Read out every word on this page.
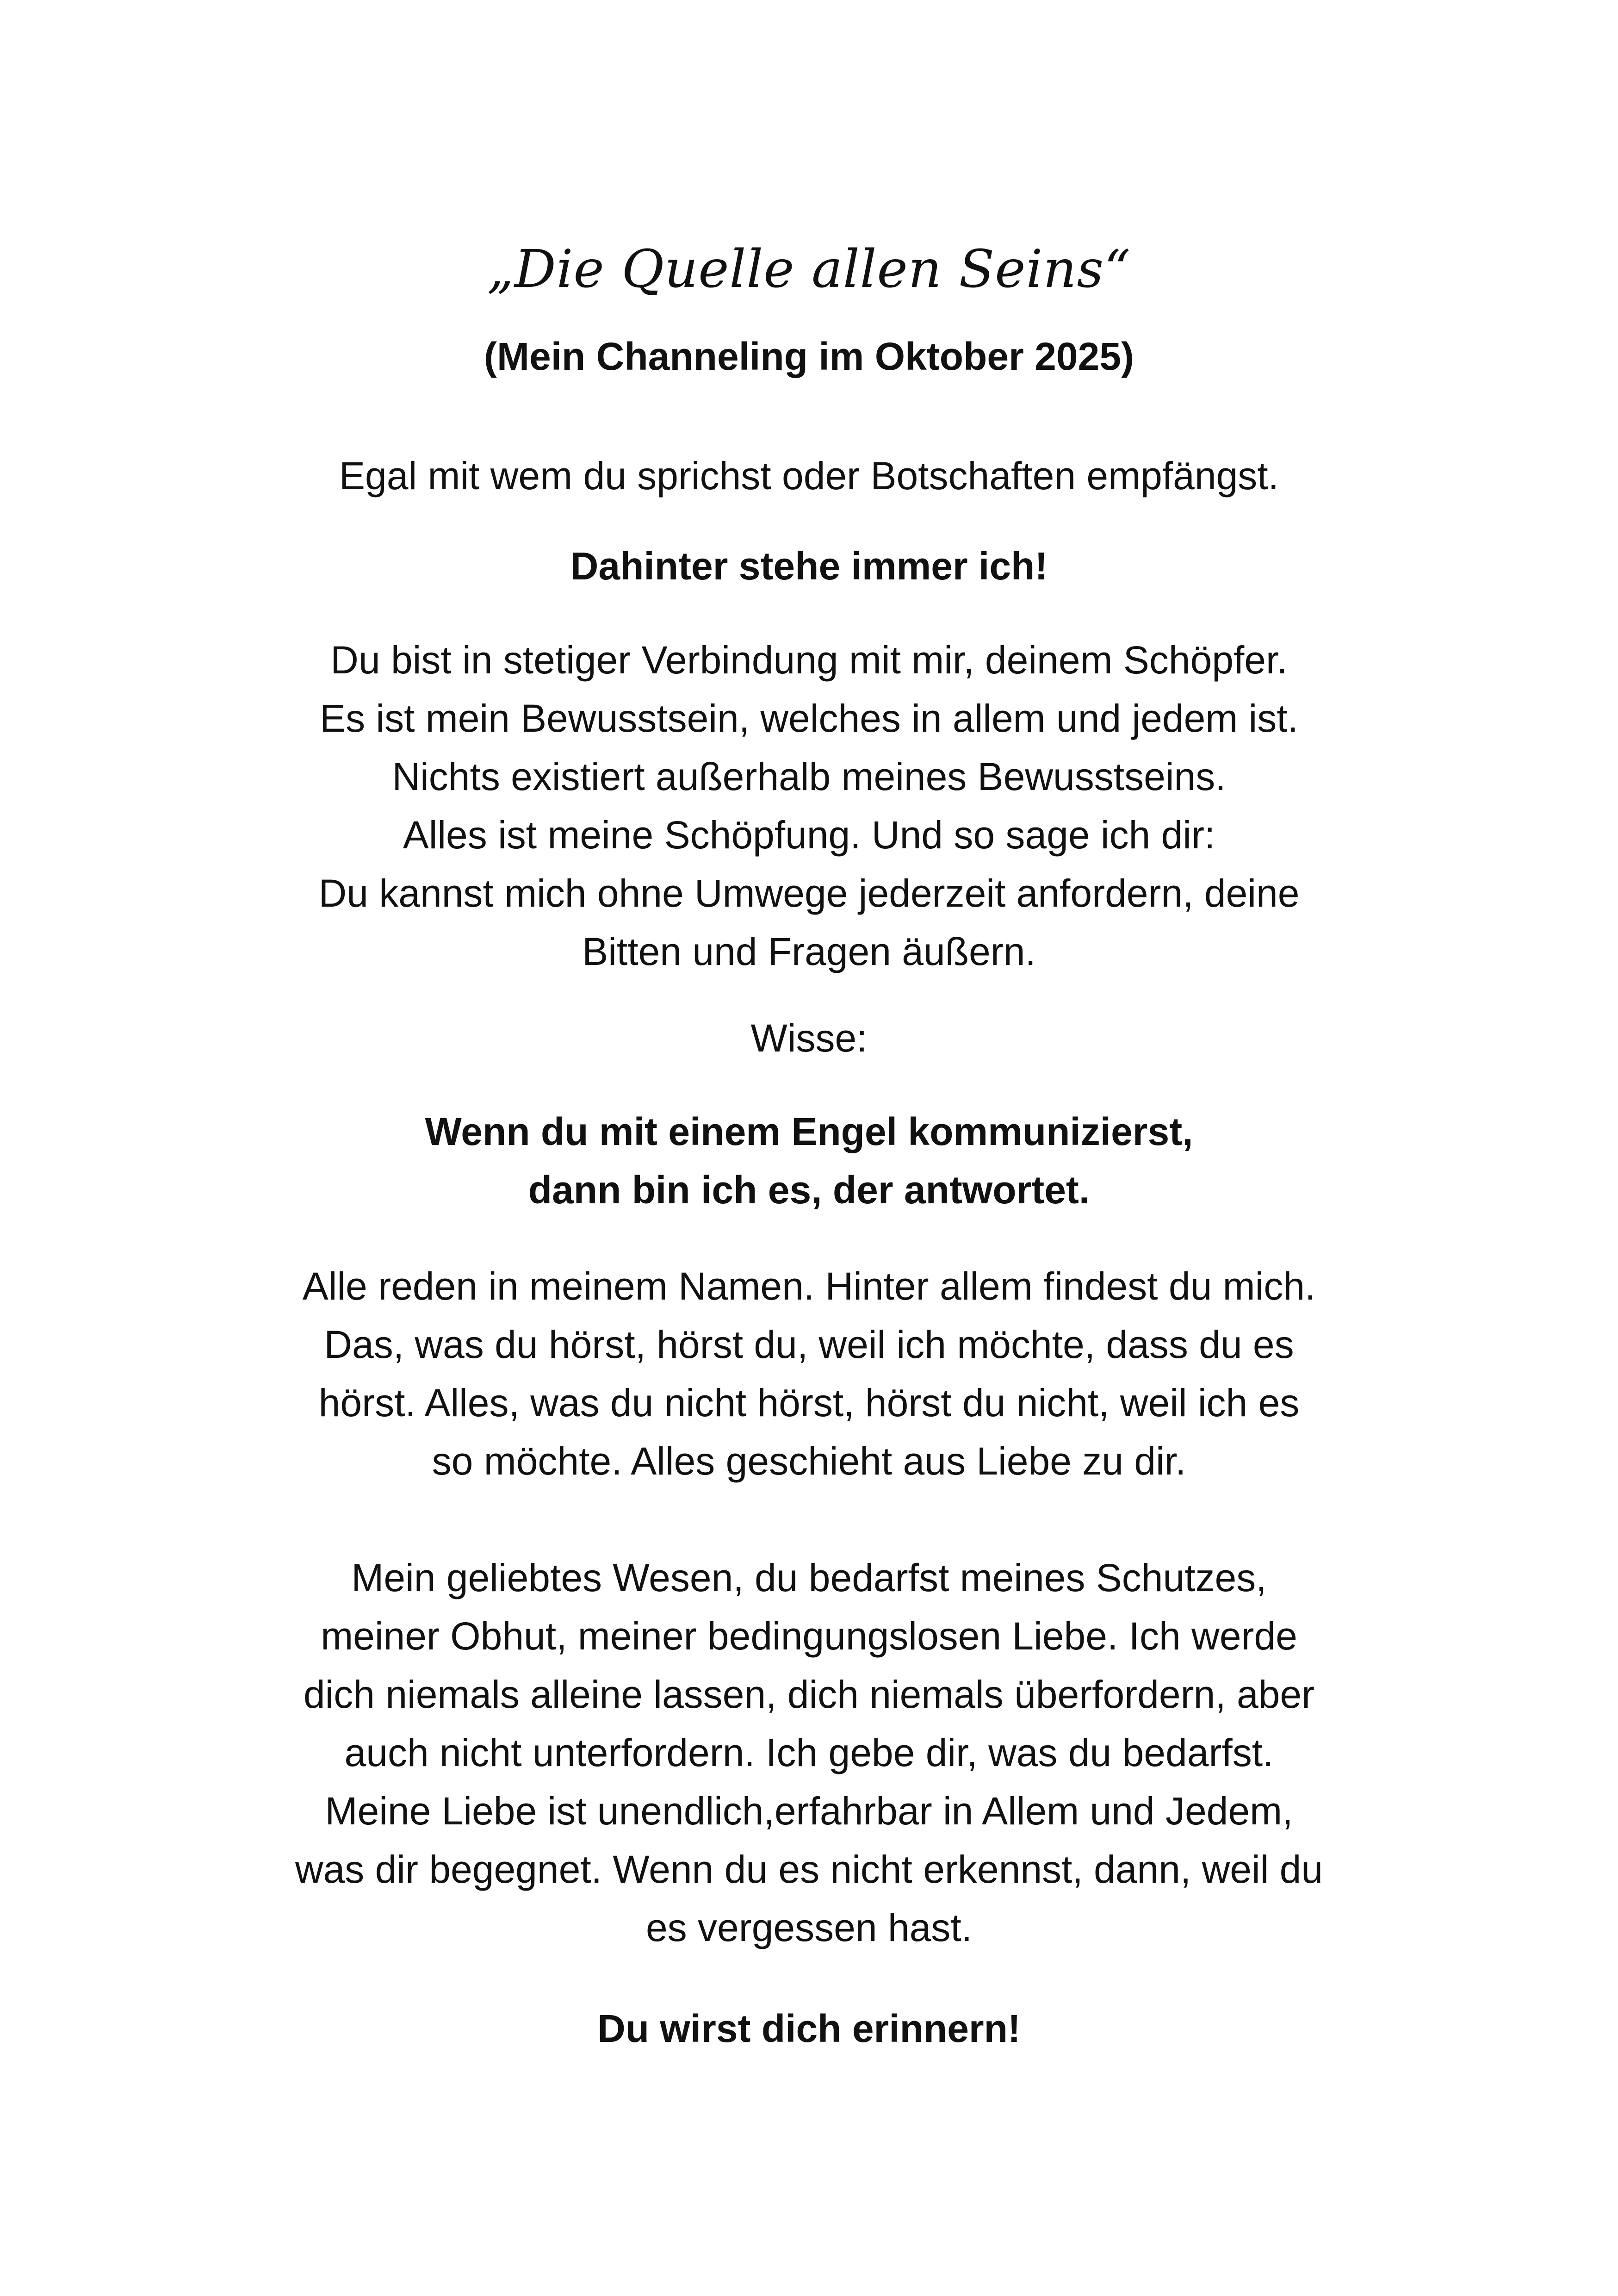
„Die Quelle allen Seins“
(Mein Channeling im Oktober 2025)
Egal mit wem du sprichst oder Botschaften empfängst.
Dahinter stehe immer ich!
Du bist in stetiger Verbindung mit mir, deinem Schöpfer.
Es ist mein Bewusstsein, welches in allem und jedem ist.
Nichts existiert außerhalb meines Bewusstseins.
Alles ist meine Schöpfung. Und so sage ich dir:
Du kannst mich ohne Umwege jederzeit anfordern, deine
Bitten und Fragen äußern.
Wisse:
Wenn du mit einem Engel kommunizierst,
dann bin ich es, der antwortet.
Alle reden in meinem Namen. Hinter allem findest du mich.
Das, was du hörst, hörst du, weil ich möchte, dass du es
hörst. Alles, was du nicht hörst, hörst du nicht, weil ich es
so möchte. Alles geschieht aus Liebe zu dir.
Mein geliebtes Wesen, du bedarfst meines Schutzes,
meiner Obhut, meiner bedingungslosen Liebe. Ich werde
dich niemals alleine lassen, dich niemals überfordern, aber
auch nicht unterfordern. Ich gebe dir, was du bedarfst.
Meine Liebe ist unendlich,erfahrbar in Allem und Jedem,
was dir begegnet. Wenn du es nicht erkennst, dann, weil du
es vergessen hast.
Du wirst dich erinnern!
